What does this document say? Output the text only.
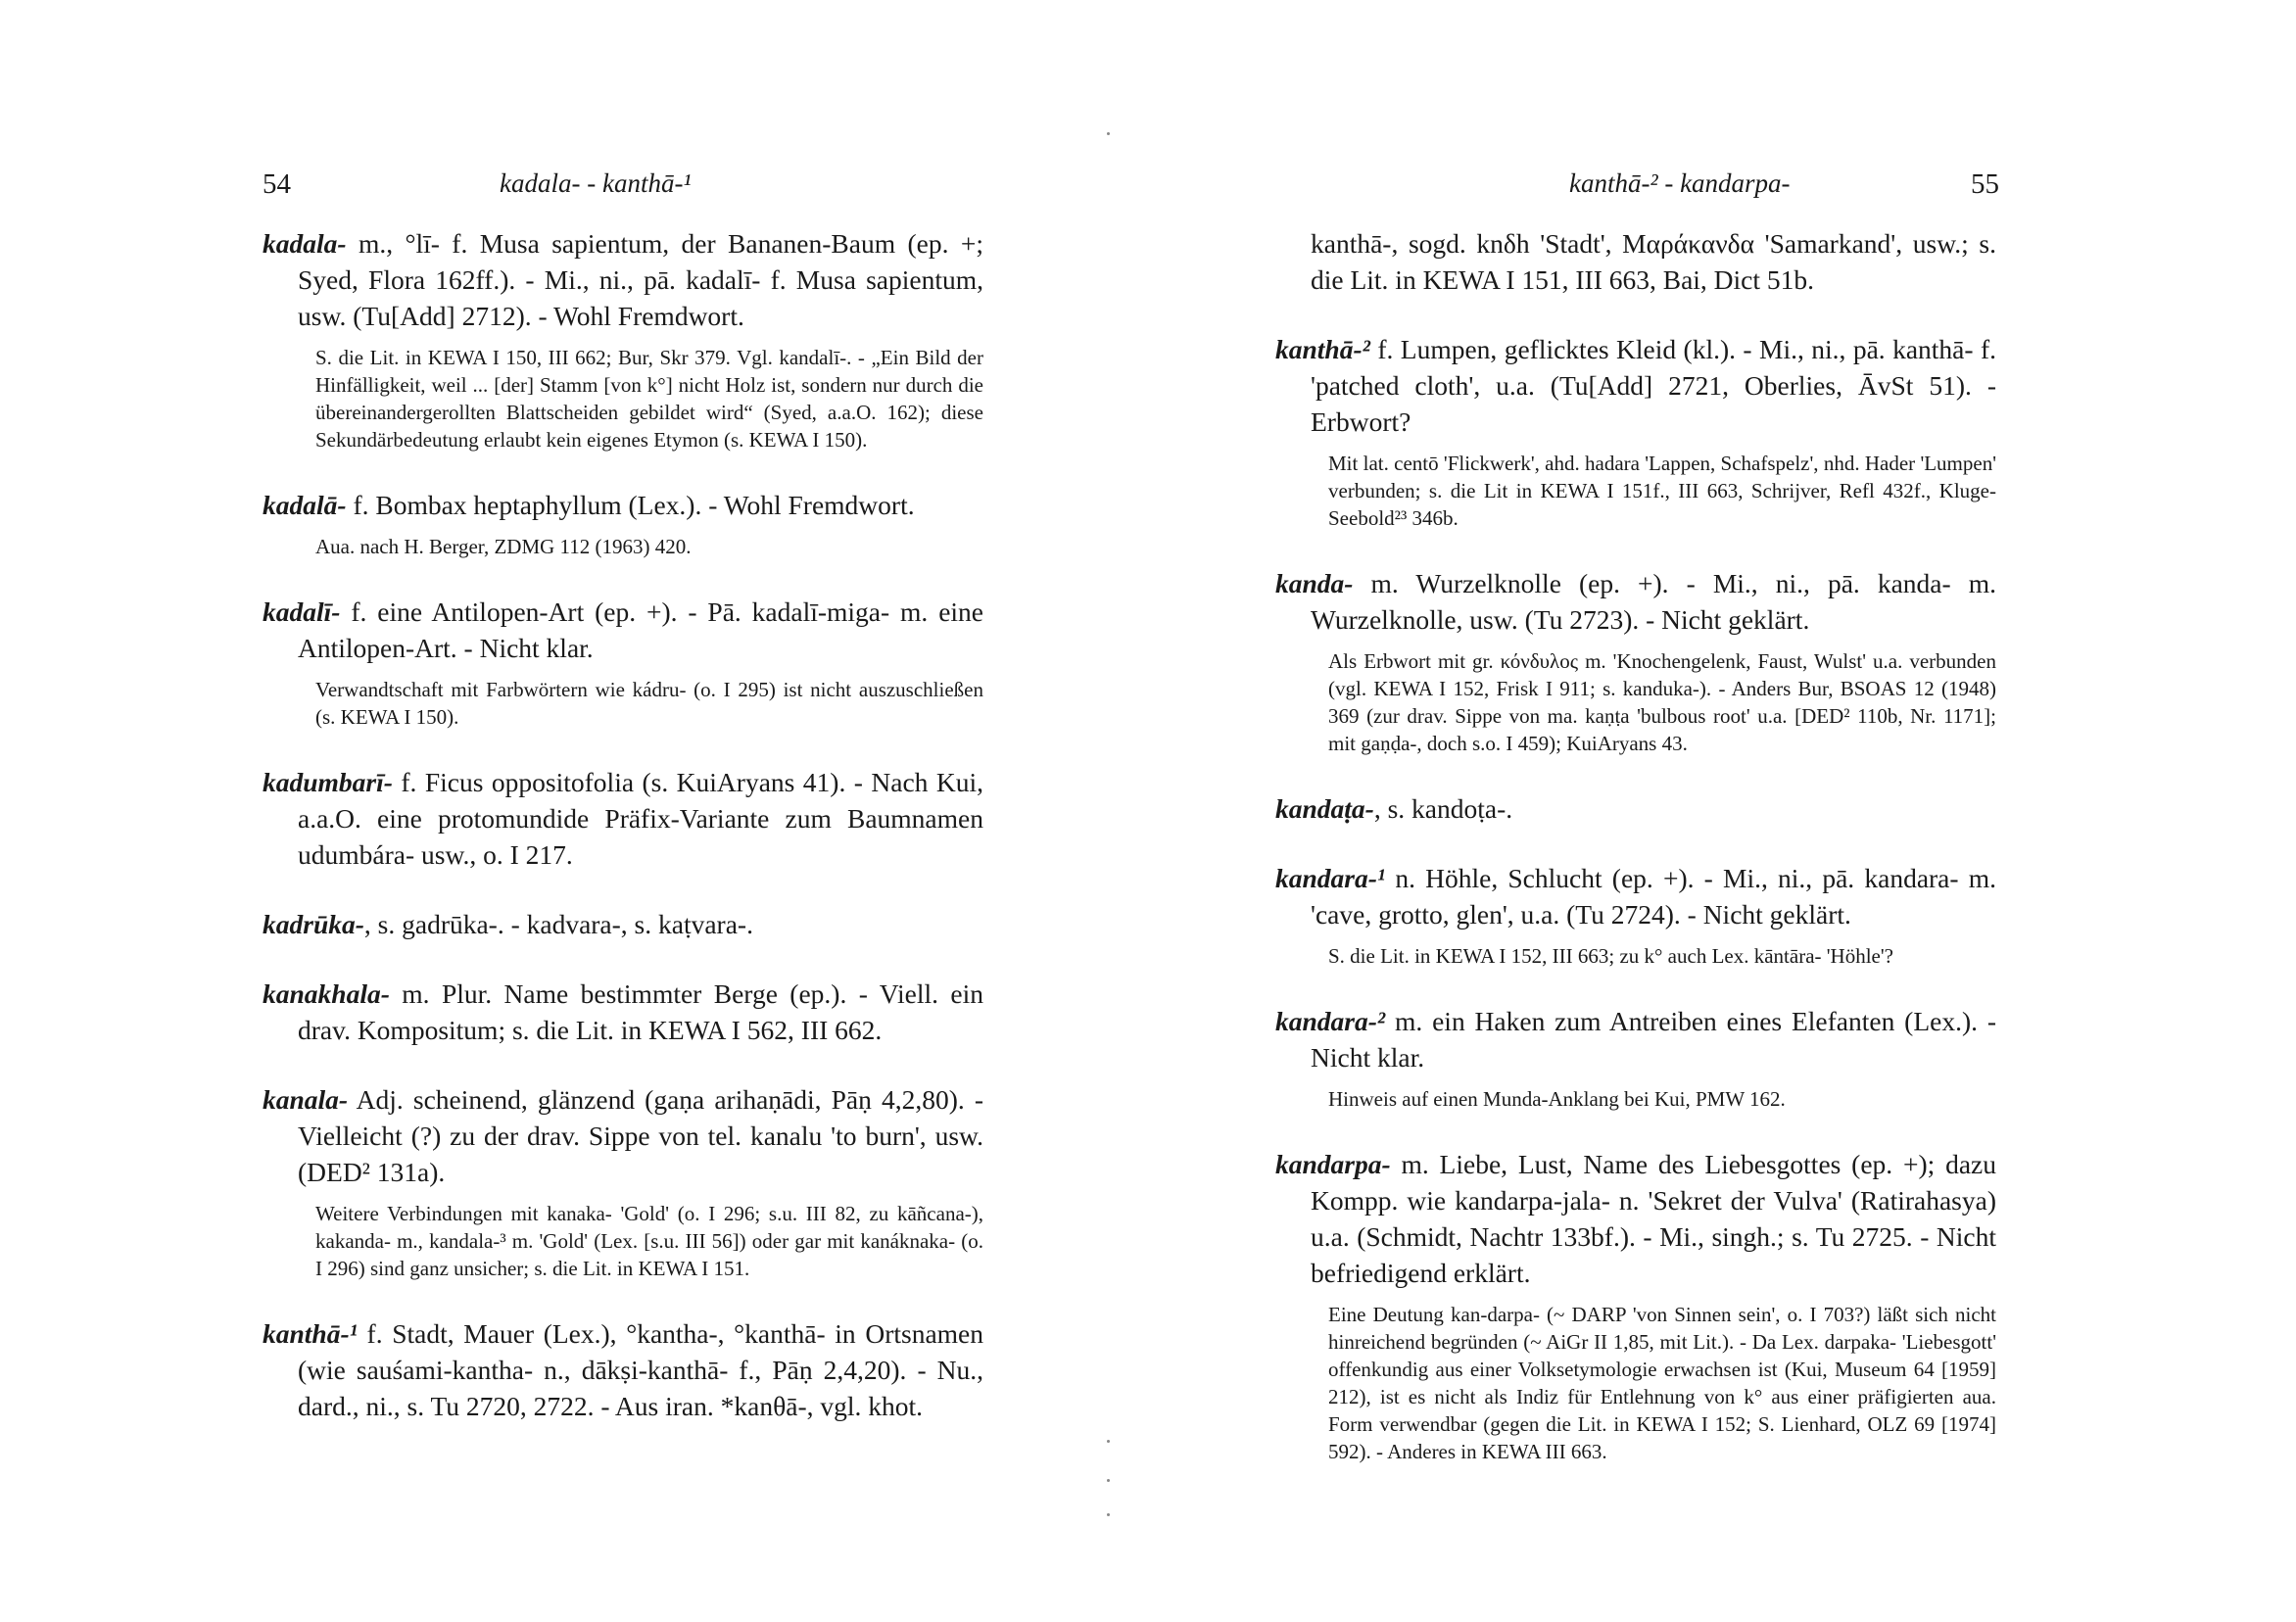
54	kadala- - kanthā-¹

kadala- m., °lī- f. Musa sapientum, der Bananen-Baum (ep. +; Syed, Flora 162ff.). - Mi., ni., pā. kadalī- f. Musa sapientum, usw. (Tu[Add] 2712). - Wohl Fremdwort.

S. die Lit. in KEWA I 150, III 662; Bur, Skr 379. Vgl. kandalī-. - „Ein Bild der Hinfälligkeit, weil ... [der] Stamm [von k°] nicht Holz ist, sondern nur durch die übereinandergerollten Blattscheiden gebildet wird“ (Syed, a.a.O. 162); diese Sekundärbedeutung erlaubt kein eigenes Etymon (s. KEWA I 150).

kadalā- f. Bombax heptaphyllum (Lex.). - Wohl Fremdwort.

Aua. nach H. Berger, ZDMG 112 (1963) 420.

kadalī- f. eine Antilopen-Art (ep. +). - Pā. kadalī-miga- m. eine Antilopen-Art. - Nicht klar.

Verwandtschaft mit Farbwörtern wie kádru- (o. I 295) ist nicht auszuschließen (s. KEWA I 150).

kadumbarī- f. Ficus oppositofolia (s. KuiAryans 41). - Nach Kui, a.a.O. eine protomundide Präfix-Variante zum Baumnamen udumbára- usw., o. I 217.

kadrūka-, s. gadrūka-. - kadvara-, s. kaṭvara-.

kanakhala- m. Plur. Name bestimmter Berge (ep.). - Viell. ein drav. Kompositum; s. die Lit. in KEWA I 562, III 662.

kanala- Adj. scheinend, glänzend (gaṇa arihaṇādi, Pāṇ 4,2,80). - Vielleicht (?) zu der drav. Sippe von tel. kanalu 'to burn', usw. (DED² 131a).

Weitere Verbindungen mit kanaka- 'Gold' (o. I 296; s.u. III 82, zu kāñcana-), kakanda- m., kandala-³ m. 'Gold' (Lex. [s.u. III 56]) oder gar mit kanáknaka- (o. I 296) sind ganz unsicher; s. die Lit. in KEWA I 151.

kanthā-¹ f. Stadt, Mauer (Lex.), °kantha-, °kanthā- in Ortsnamen (wie sauśami-kantha- n., dākṣi-kanthā- f., Pāṇ 2,4,20). - Nu., dard., ni., s. Tu 2720, 2722. - Aus iran. *kanθā-, vgl. khot.

kanthā-² - kandarpa-	55

kanthā-, sogd. knδh 'Stadt', Μαράκανδα 'Samarkand', usw.; s. die Lit. in KEWA I 151, III 663, Bai, Dict 51b.

kanthā-² f. Lumpen, geflicktes Kleid (kl.). - Mi., ni., pā. kanthā- f. 'patched cloth', u.a. (Tu[Add] 2721, Oberlies, ĀvSt 51). - Erbwort?

Mit lat. centō 'Flickwerk', ahd. hadara 'Lappen, Schafspelz', nhd. Hader 'Lumpen' verbunden; s. die Lit in KEWA I 151f., III 663, Schrijver, Refl 432f., Kluge-Seebold²³ 346b.

kanda- m. Wurzelknolle (ep. +). - Mi., ni., pā. kanda- m. Wurzelknolle, usw. (Tu 2723). - Nicht geklärt.

Als Erbwort mit gr. κόνδυλος m. 'Knochengelenk, Faust, Wulst' u.a. verbunden (vgl. KEWA I 152, Frisk I 911; s. kanduka-). - Anders Bur, BSOAS 12 (1948) 369 (zur drav. Sippe von ma. kaṇṭa 'bulbous root' u.a. [DED² 110b, Nr. 1171]; mit gaṇḍa-, doch s.o. I 459); KuiAryans 43.

kandaṭa-, s. kandoṭa-.

kandara-¹ n. Höhle, Schlucht (ep. +). - Mi., ni., pā. kandara- m. 'cave, grotto, glen', u.a. (Tu 2724). - Nicht geklärt.

S. die Lit. in KEWA I 152, III 663; zu k° auch Lex. kāntāra- 'Höhle'?

kandara-² m. ein Haken zum Antreiben eines Elefanten (Lex.). - Nicht klar.

Hinweis auf einen Munda-Anklang bei Kui, PMW 162.

kandarpa- m. Liebe, Lust, Name des Liebesgottes (ep. +); dazu Kompp. wie kandarpa-jala- n. 'Sekret der Vulva' (Ratirahasya) u.a. (Schmidt, Nachtr 133bf.). - Mi., singh.; s. Tu 2725. - Nicht befriedigend erklärt.

Eine Deutung kan-darpa- (~ DARP 'von Sinnen sein', o. I 703?) läßt sich nicht hinreichend begründen (~ AiGr II 1,85, mit Lit.). - Da Lex. darpaka- 'Liebesgott' offenkundig aus einer Volksetymologie erwachsen ist (Kui, Museum 64 [1959] 212), ist es nicht als Indiz für Entlehnung von k° aus einer präfigierten aua. Form verwendbar (gegen die Lit. in KEWA I 152; S. Lienhard, OLZ 69 [1974] 592). - Anderes in KEWA III 663.
